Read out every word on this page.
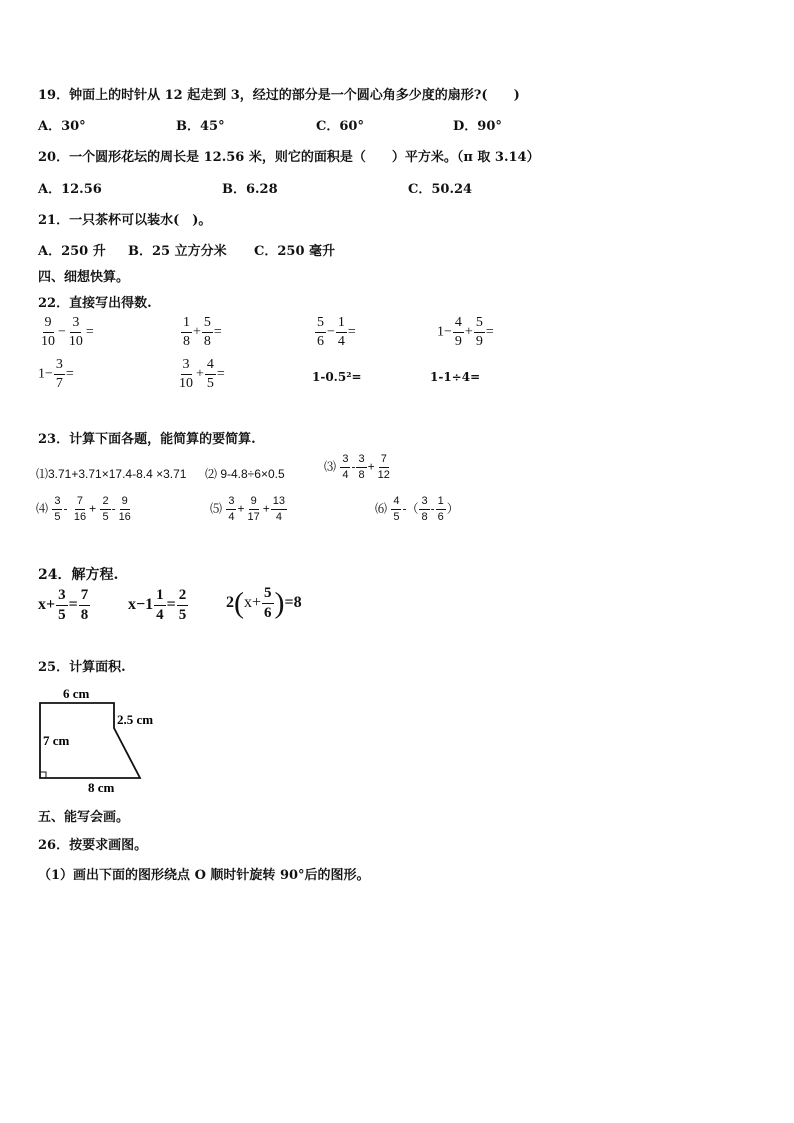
19．钟面上的时针从 12 起走到 3，经过的部分是一个圆心角多少度的扇形?(　　)
A．30°	B．45°	C．60°	D．90°
20．一个圆形花坛的周长是 12.56 米，则它的面积是（　　）平方米。（π 取 3.14）
A．12.56	B．6.28	C．50.24
21．一只茶杯可以装水(　)。
A．250 升 B．25 立方分米 C．250 毫升
四、细想快算。
22．直接写出得数.
$\frac{9}{10} - \frac{3}{10}$ =	$\frac{1}{8} + \frac{5}{8}$ =	$\frac{5}{6} - \frac{1}{4}$ =	$1- \frac{4}{9} + \frac{5}{9}$ =
$1- \frac{3}{7}$ =	$\frac{3}{10} + \frac{4}{5}$ =	1-0.5²=	1-1÷4=
23．计算下面各题，能简算的要简算.
⑴3.71+3.71×17.4-8.4 ×3.71 ⑵ 9-4.8÷6×0.5
⑶ $\frac{3}{4} - \frac{3}{8} + \frac{7}{12}$
⑷ $\frac{3}{5} - \frac{7}{16} + \frac{2}{5} - \frac{9}{16}$	⑸ $\frac{3}{4} + \frac{9}{17} + \frac{13}{4}$	⑹ $\frac{4}{5}$ -（ $\frac{3}{8} - \frac{1}{6}$ ）
24．解方程.
$x+ \frac{3}{5} = \frac{7}{8} x-1 \frac{1}{4} = \frac{2}{5} 2(x+ \frac{5}{6} )=8$
25．计算面积.
6 cm
2.5 cm
7 cm
8 cm
五、能写会画。
26．按要求画图。
（1）画出下面的图形绕点 O 顺时针旋转 90°后的图形。
